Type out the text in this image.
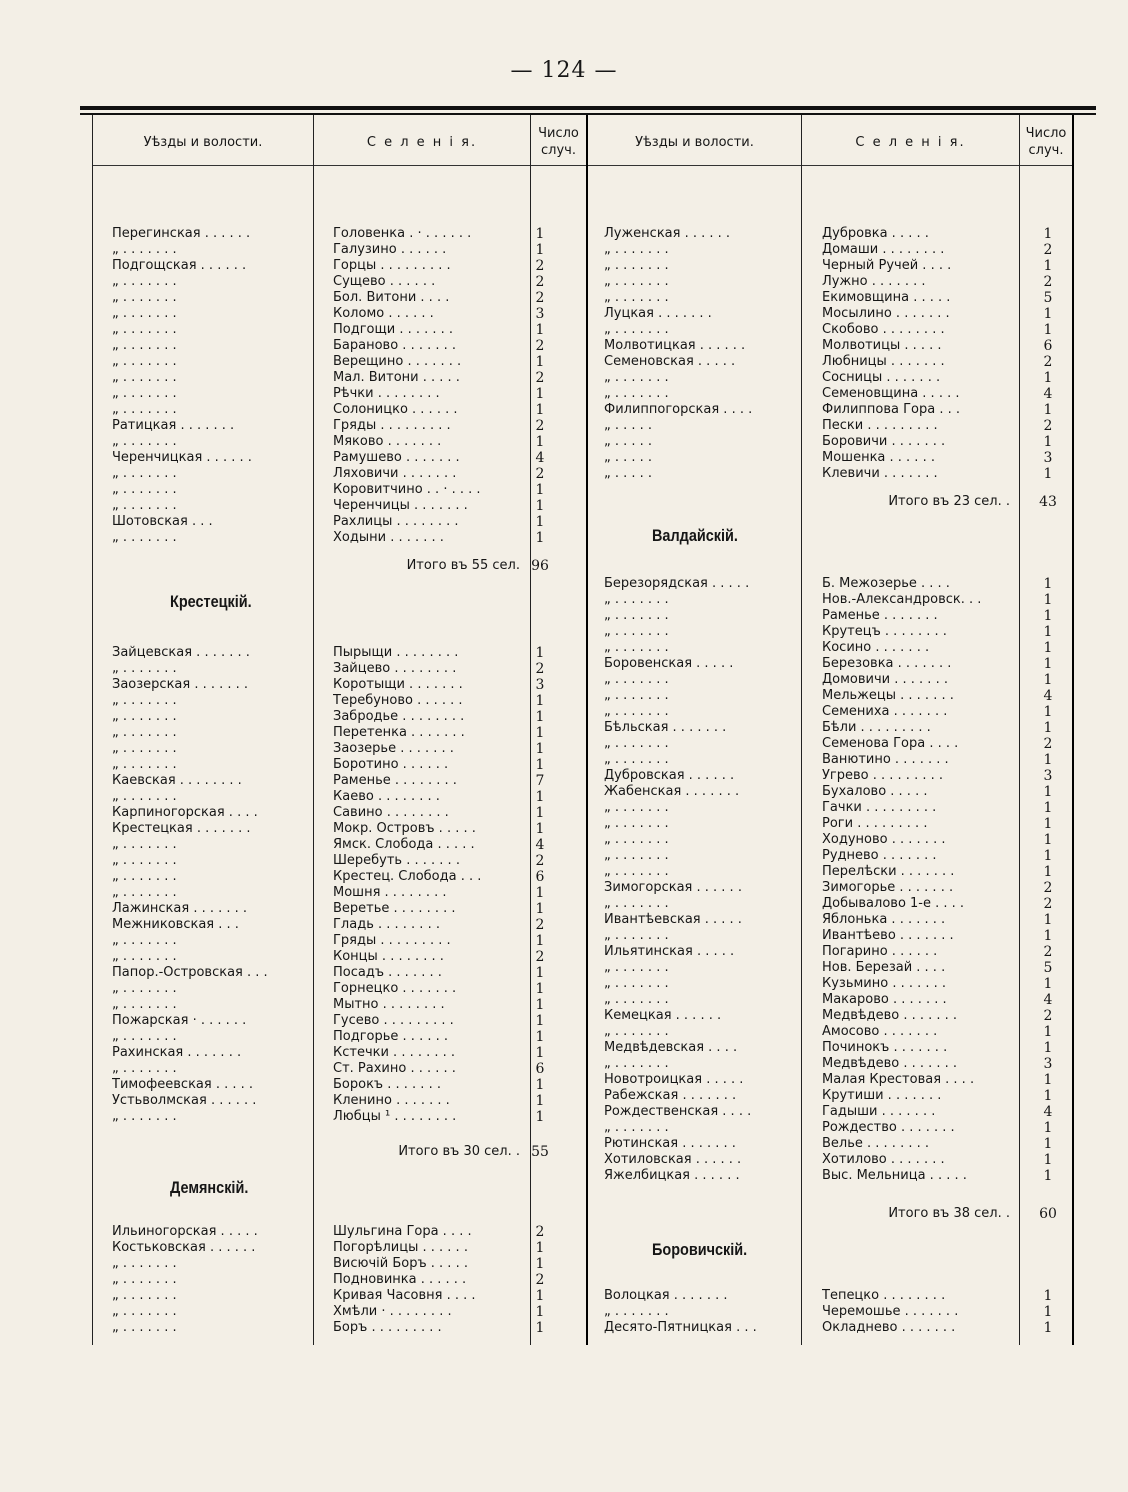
— 124 —
Уѣзды и волости.	С е л е н і я.
Число
случ.
Уѣзды и волости.	С е л е н і я.
Число
случ.
Перегинская . . . . . .	Головенка . · . . . . . .	1
„ . . . . . . .	Галузино . . . . . .	1
Подгощская . . . . . .	Горцы . . . . . . . . .	2
„ . . . . . . .	Сущево . . . . . .	2
„ . . . . . . .	Бол. Витони . . . .	2
„ . . . . . . .	Коломо . . . . . .	3
„ . . . . . . .	Подгощи . . . . . . .	1
„ . . . . . . .	Бараново . . . . . . .	2
„ . . . . . . .	Верещино . . . . . . .	1
„ . . . . . . .	Мал. Витони . . . . .	2
„ . . . . . . .	Рѣчки . . . . . . . .	1
„ . . . . . . .	Солоницко . . . . . .	1
Ратицкая . . . . . . .	Гряды . . . . . . . . .	2
„ . . . . . . .	Мяково . . . . . . .	1
Черенчицкая . . . . . .	Рамушево . . . . . . .	4
„ . . . . . . .	Ляховичи . . . . . . .	2
„ . . . . . . .	Коровитчино . . · . . . .	1
„ . . . . . . .	Черенчицы . . . . . . .	1
Шотовская . . .	Рахлицы . . . . . . . .	1
„ . . . . . . .	Ходыни . . . . . . .	1
Зайцевская . . . . . . .	Пырыщи . . . . . . . .	1
„ . . . . . . .	Зайцево . . . . . . . .	2
Заозерская . . . . . . .	Коротыщи . . . . . . .	3
„ . . . . . . .	Теребуново . . . . . .	1
„ . . . . . . .	Забродье . . . . . . . .	1
„ . . . . . . .	Перетенка . . . . . . .	1
„ . . . . . . .	Заозерье . . . . . . .	1
„ . . . . . . .	Боротино . . . . . .	1
Каевская . . . . . . . .	Раменье . . . . . . . .	7
„ . . . . . . .	Каево . . . . . . . .	1
Карпиногорская . . . .	Савино . . . . . . . .	1
Крестецкая . . . . . . .	Мокр. Островъ . . . . .	1
„ . . . . . . .	Ямск. Слобода . . . . .	4
„ . . . . . . .	Шеребуть . . . . . . .	2
„ . . . . . . .	Крестец. Слобода . . .	6
„ . . . . . . .	Мошня . . . . . . . .	1
Лажинская . . . . . . .	Веретье . . . . . . . .	1
Межниковская . . .	Гладь . . . . . . . .	2
„ . . . . . . .	Гряды . . . . . . . . .	1
„ . . . . . . .	Концы . . . . . . . .	2
Папор.-Островская . . .	Посадъ . . . . . . .	1
„ . . . . . . .	Горнецко . . . . . . .	1
„ . . . . . . .	Мытно . . . . . . . .	1
Пожарская · . . . . . .	Гусево . . . . . . . . .	1
„ . . . . . . .	Подгорье . . . . . .	1
Рахинская . . . . . . .	Кстечки . . . . . . . .	1
„ . . . . . . .	Ст. Рахино . . . . . .	6
Тимофеевская . . . . .	Борокъ . . . . . . .	1
Устьволмская . . . . . .	Кленино . . . . . . .	1
„ . . . . . . .	Любцы ¹ . . . . . . . .	1
Ильиногорская . . . . .	Шульгина Гора . . . .	2
Костьковская . . . . . .	Погорѣлицы . . . . . .	1
„ . . . . . . .	Висючій Боръ . . . . .	1
„ . . . . . . .	Подновинка . . . . . .	2
„ . . . . . . .	Кривая Часовня . . . .	1
„ . . . . . . .	Хмѣли · . . . . . . . .	1
„ . . . . . . .	Боръ . . . . . . . . .	1
Крестецкій.
Демянскій.
Итого въ 55 сел. 96
Итого въ 30 сел. . 55
Луженская . . . . . .	Дубровка . . . . .	1
„ . . . . . . .	Домаши . . . . . . . .	2
„ . . . . . . .	Черный Ручей . . . .	1
„ . . . . . . .	Лужно . . . . . . .	2
„ . . . . . . .	Екимовщина . . . . .	5
Луцкая . . . . . . .	Мосылино . . . . . . .	1
„ . . . . . . .	Скобово . . . . . . . .	1
Молвотицкая . . . . . .	Молвотицы . . . . .	6
Семеновская . . . . .	Любницы . . . . . . .	2
„ . . . . . . .	Сосницы . . . . . . .	1
„ . . . . . . .	Семеновщина . . . . .	4
Филиппогорская . . . .	Филиппова Гора . . .	1
„ . . . . .	Пески . . . . . . . . .	2
„ . . . . .	Боровичи . . . . . . .	1
„ . . . . .	Мошенка . . . . . .	3
„ . . . . .	Клевичи . . . . . . .	1
Березорядская . . . . .	Б. Межозерье . . . .	1
„ . . . . . . .	Нов.-Александровск. . .	1
„ . . . . . . .	Раменье . . . . . . .	1
„ . . . . . . .	Крутецъ . . . . . . . .	1
„ . . . . . . .	Косино . . . . . . .	1
Боровенская . . . . .	Березовка . . . . . . .	1
„ . . . . . . .	Домовичи . . . . . . .	1
„ . . . . . . .	Мельжецы . . . . . . .	4
„ . . . . . . .	Семениха . . . . . . .	1
Бѣльская . . . . . . .	Бѣли . . . . . . . . .	1
„ . . . . . . .	Семенова Гора . . . .	2
„ . . . . . . .	Ванютино . . . . . . .	1
Дубровская . . . . . .	Угрево . . . . . . . . .	3
Жабенская . . . . . . .	Бухалово . . . . .	1
„ . . . . . . .	Гачки . . . . . . . . .	1
„ . . . . . . .	Роги . . . . . . . . .	1
„ . . . . . . .	Ходуново . . . . . . .	1
„ . . . . . . .	Руднево . . . . . . .	1
„ . . . . . . .	Перелѣски . . . . . . .	1
Зимогорская . . . . . .	Зимогорье . . . . . . .	2
„ . . . . . . .	Добывалово 1-е . . . .	2
Ивантѣевская . . . . .	Яблонька . . . . . . .	1
„ . . . . . . .	Ивантѣево . . . . . . .	1
Ильятинская . . . . .	Погарино . . . . . .	2
„ . . . . . . .	Нов. Березай . . . .	5
„ . . . . . . .	Кузьмино . . . . . . .	1
„ . . . . . . .	Макарово . . . . . . .	4
Кемецкая . . . . . .	Медвѣдево . . . . . . .	2
„ . . . . . . .	Амосово . . . . . . .	1
Медвѣдевская . . . .	Починокъ . . . . . . .	1
„ . . . . . . .	Медвѣдево . . . . . . .	3
Новотроицкая . . . . .	Малая Крестовая . . . .	1
Рабежская . . . . . . .	Крутиши . . . . . . .	1
Рождественская . . . .	Гадыши . . . . . . .	4
„ . . . . . . .	Рождество . . . . . . .	1
Рютинская . . . . . . .	Велье . . . . . . . .	1
Хотиловская . . . . . .	Хотилово . . . . . . .	1
Яжелбицкая . . . . . .	Выс. Мельница . . . . .	1
Волоцкая . . . . . . .	Тепецко . . . . . . . .	1
„ . . . . . . .	Черемошье . . . . . . .	1
Десято-Пятницкая . . .	Окладнево . . . . . . .	1
Валдайскій.
Боровичскій.
Итого въ 23 сел. .	43
Итого въ 38 сел. .	60
